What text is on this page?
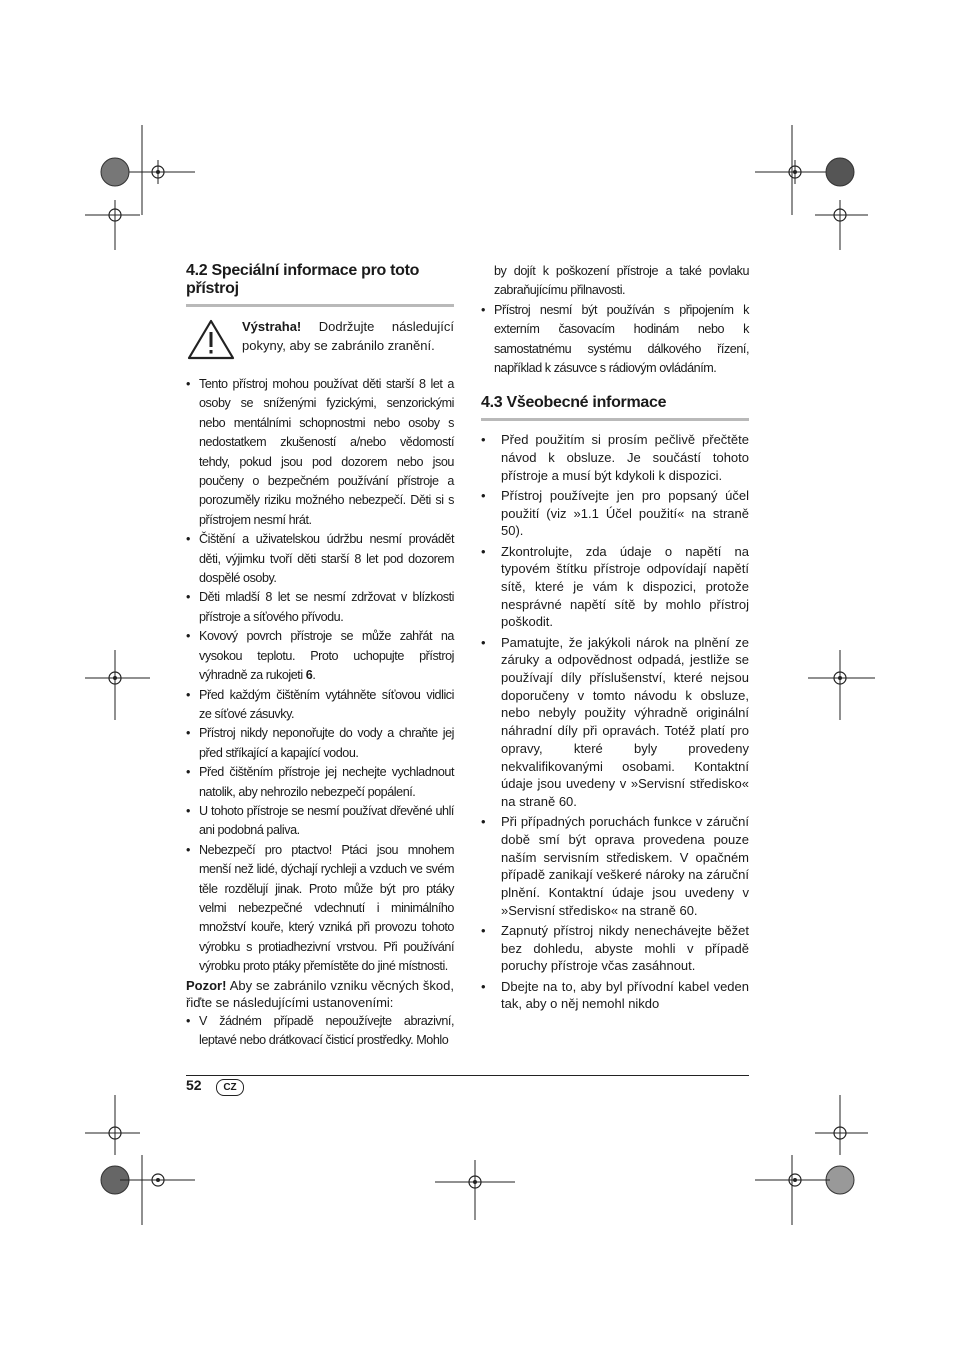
4.2 Speciální informace pro toto přístroj
Výstraha! Dodržujte následující pokyny, aby se zabránilo zranění.
• Tento přístroj mohou používat děti starší 8 let a osoby se sníženými fyzickými, senzorickými nebo mentálními schopnostmi nebo osoby s nedostatkem zkušeností a/nebo vědomostí tehdy, pokud jsou pod dozorem nebo jsou poučeny o bezpečném používání přístroje a porozuměly riziku možného nebezpečí. Děti si s přístrojem nesmí hrát.
• Čištění a uživatelskou údržbu nesmí provádět děti, výjimku tvoří děti starší 8 let pod dozorem dospělé osoby.
• Děti mladší 8 let se nesmí zdržovat v blízkosti přístroje a síťového přívodu.
• Kovový povrch přístroje se může zahřát na vysokou teplotu. Proto uchopujte přístroj výhradně za rukojeti 6.
• Před každým čištěním vytáhněte síťovou vidlici ze síťové zásuvky.
• Přístroj nikdy neponořujte do vody a chraňte jej před stříkající a kapající vodou.
• Před čištěním přístroje jej nechejte vychladnout natolik, aby nehrozilo nebezpečí popálení.
• U tohoto přístroje se nesmí používat dřevěné uhlí ani podobná paliva.
• Nebezpečí pro ptactvo! Ptáci jsou mnohem menší než lidé, dýchají rychleji a vzduch ve svém těle rozdělují jinak. Proto může být pro ptáky velmi nebezpečné vdechnutí i minimálního množství kouře, který vzniká při provozu tohoto výrobku s protiadhezivní vrstvou. Při používání výrobku proto ptáky přemístěte do jiné místnosti.

Pozor! Aby se zabránilo vzniku věcných škod, řiďte se následujícími ustanoveními:

• V žádném případě nepoužívejte abrazivní, leptavé nebo drátkovací čisticí prostředky. Mohlo

by dojít k poškození přístroje a také povlaku zabraňujícímu přilnavosti.

• Přístroj nesmí být používán s připojením k externím časovacím hodinám nebo k samostatnému systému dálkového řízení, například k zásuvce s rádiovým ovládáním.
4.3 Všeobecné informace
• Před použitím si prosím pečlivě přečtěte návod k obsluze. Je součástí tohoto přístroje a musí být kdykoli k dispozici.
• Přístroj používejte jen pro popsaný účel použití (viz »1.1 Účel použití« na straně 50).
• Zkontrolujte, zda údaje o napětí na typovém štítku přístroje odpovídají napětí sítě, které je vám k dispozici, protože nesprávné napětí sítě by mohlo přístroj poškodit.
• Pamatujte, že jakýkoli nárok na plnění ze záruky a odpovědnost odpadá, jestliže se používají díly příslušenství, které nejsou doporučeny v tomto návodu k obsluze, nebo nebyly použity výhradně originální náhradní díly při opravách. Totéž platí pro opravy, které byly provedeny nekvalifikovanými osobami. Kontaktní údaje jsou uvedeny v »Servisní středisko« na straně 60.
• Při případných poruchách funkce v záruční době smí být oprava provedena pouze naším servisním střediskem. V opačném případě zanikají veškeré nároky na záruční plnění. Kontaktní údaje jsou uvedeny v »Servisní středisko« na straně 60.
• Zapnutý přístroj nikdy nenechávejte běžet bez dohledu, abyste mohli v případě poruchy přístroje včas zasáhnout.
• Dbejte na to, aby byl přívodní kabel veden tak, aby o něj nemohl nikdo
52	CZ
